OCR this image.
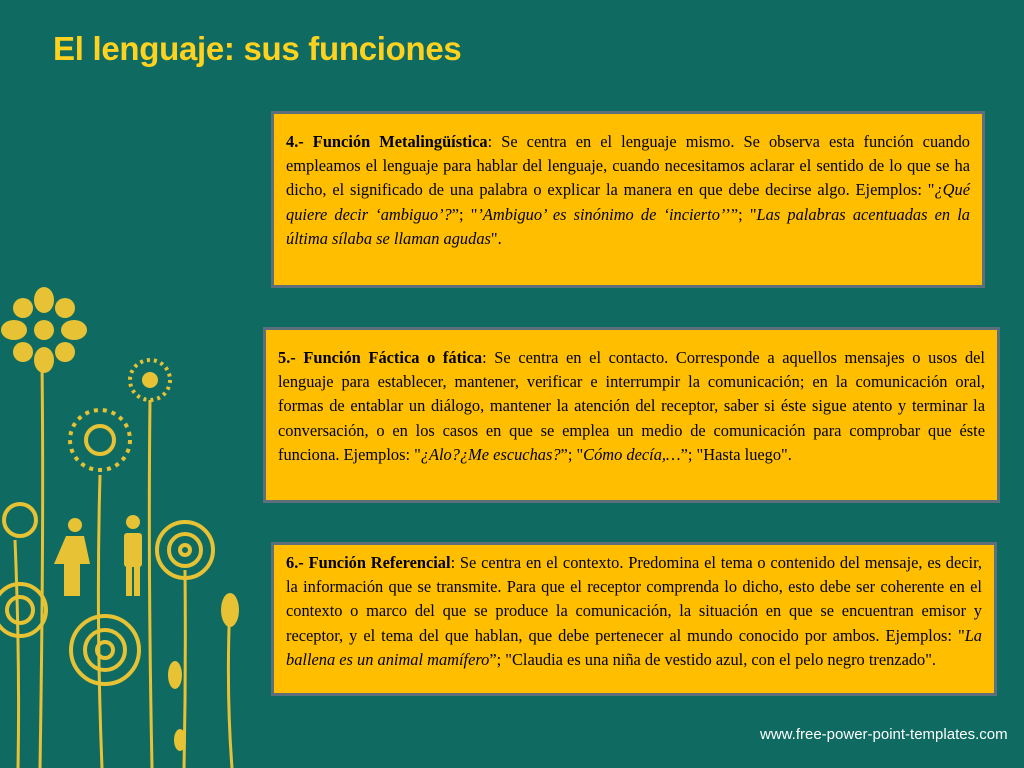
El lenguaje: sus funciones
4.- Función Metalingüística: Se centra en el lenguaje mismo. Se observa esta función cuando empleamos el lenguaje para hablar del lenguaje, cuando necesitamos aclarar el sentido de lo que se ha dicho, el significado de una palabra o explicar la manera en que debe decirse algo. Ejemplos: "¿Qué quiere decir ‘ambiguo’?”; "’Ambiguo’ es sinónimo de ‘incierto’’”; "Las palabras acentuadas en la última sílaba se llaman agudas".
5.- Función Fáctica o fática: Se centra en el contacto. Corresponde a aquellos mensajes o usos del lenguaje para establecer, mantener, verificar e interrumpir la comunicación; en la comunicación oral, formas de entablar un diálogo, mantener la atención del receptor, saber si éste sigue atento y terminar la conversación, o en los casos en que se emplea un medio de comunicación para comprobar que éste funciona. Ejemplos: "¿Alo?¿Me escuchas?”; "Cómo decía,…”; "Hasta luego".
6.- Función Referencial: Se centra en el contexto. Predomina el tema o contenido del mensaje, es decir, la información que se transmite. Para que el receptor comprenda lo dicho, esto debe ser coherente en el contexto o marco del que se produce la comunicación, la situación en que se encuentran emisor y receptor, y el tema del que hablan, que debe pertenecer al mundo conocido por ambos. Ejemplos: "La ballena es un animal mamífero”; "Claudia es una niña de vestido azul, con el pelo negro trenzado".
www.free-power-point-templates.com
